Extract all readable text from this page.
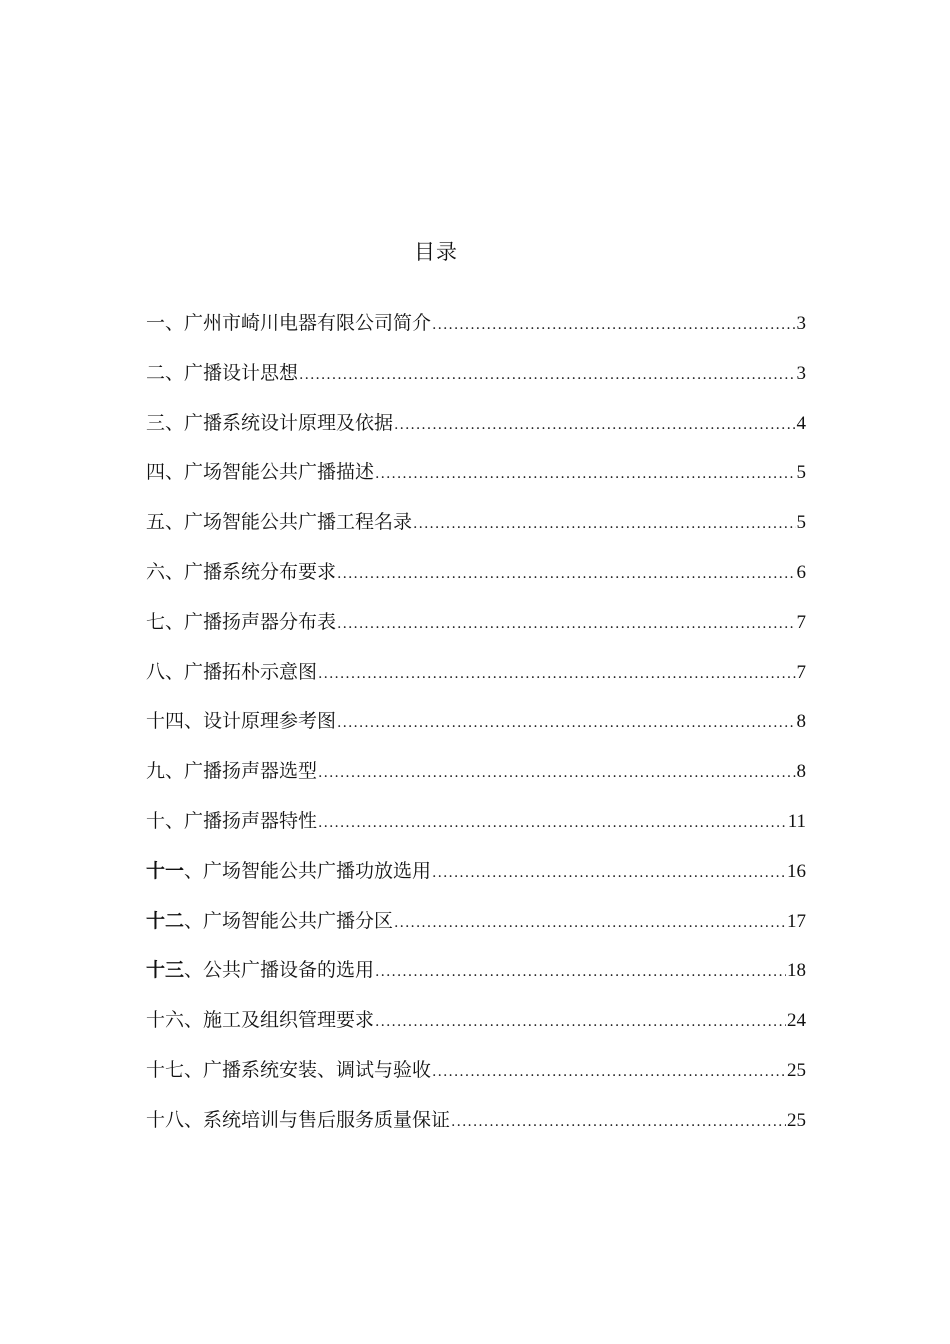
目录
一、广州市崎川电器有限公司简介 .....	3
二、广播设计思想 .....	3
三、广播系统设计原理及依据 .....	4
四、广场智能公共广播描述 .....	5
五、广场智能公共广播工程名录 .....	5
六、广播系统分布要求 .....	6
七、广播扬声器分布表 .....	7
八、广播拓朴示意图 .....	7
十四、设计原理参考图 .....	8
九、广播扬声器选型 .....	8
十、广播扬声器特性 .....	11
十一、广场智能公共广播功放选用 .....	16
十二、广场智能公共广播分区 .....	17
十三、公共广播设备的选用 .....	18
十六、施工及组织管理要求 .....	24
十七、广播系统安装、调试与验收 .....	25
十八、系统培训与售后服务质量保证 .....	25
